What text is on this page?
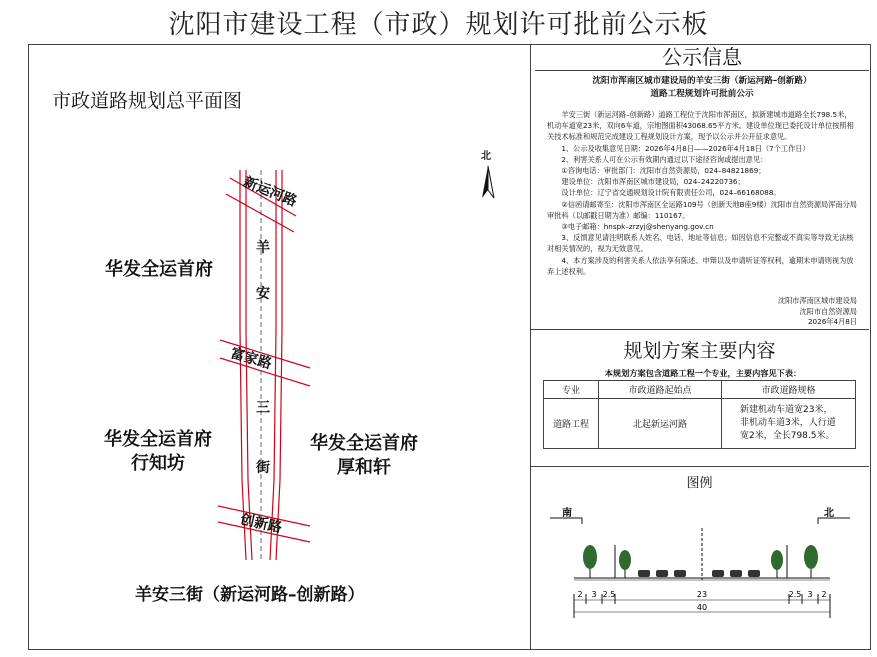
沈阳市建设工程（市政）规划许可批前公示板
市政道路规划总平面图
北
华发全运首府
华发全运首府
行知坊
华发全运首府
厚和轩
新运河路
富家路
创新路
羊
安
三
街
羊安三街（新运河路–创新路）
公示信息
沈阳市浑南区城市建设局的羊安三街（新运河路–创新路）
道路工程规划许可批前公示

　　羊安三街（新运河路–创新路）道路工程位于沈阳市浑南区，拟新建城市道路全长798.5米，机动车道宽23米，双向6车道，宗地图面积43068.65平方米。建设单位现已委托设计单位按照相关技术标准和规范完成建设工程规划设计方案，现予以公示并公开征求意见。

　　1、公示及收集意见日期：2026年4月8日——2026年4月18日（7个工作日）

　　2、利害关系人可在公示有效期内通过以下途径咨询或提出意见：

　　①咨询电话：审批部门：沈阳市自然资源局，024–84821869；

　　建设单位：沈阳市浑南区城市建设局，024–24220736；

　　设计单位：辽宁省交通规划设计院有限责任公司，024–66168088。

　　②信函请邮寄至：沈阳市浑南区全运路109号（创新天地B座9楼）沈阳市自然资源局浑南分局审批科（以邮戳日期为准）邮编：110167。

　　③电子邮箱：hnspk–zrzyj@shenyang.gov.cn

　　3、反馈意见请注明联系人姓名、电话、地址等信息；如因信息不完整或不真实等导致无法核对相关情况的，视为无效意见。

　　4、本方案涉及的利害关系人依法享有陈述、申辩以及申请听证等权利，逾期未申请则视为放弃上述权利。

沈阳市浑南区城市建设局
沈阳市自然资源局
2026年4月8日
规划方案主要内容
本规划方案包含道路工程一个专业，主要内容见下表：
专业	市政道路起始点	市政道路规格
道路工程	北起新运河路	新建机动车道宽23米，
非机动车道3米，人行道
宽2米，全长798.5米。
图例
南	北
2 3 2.5	23	2.5 3 2
40
